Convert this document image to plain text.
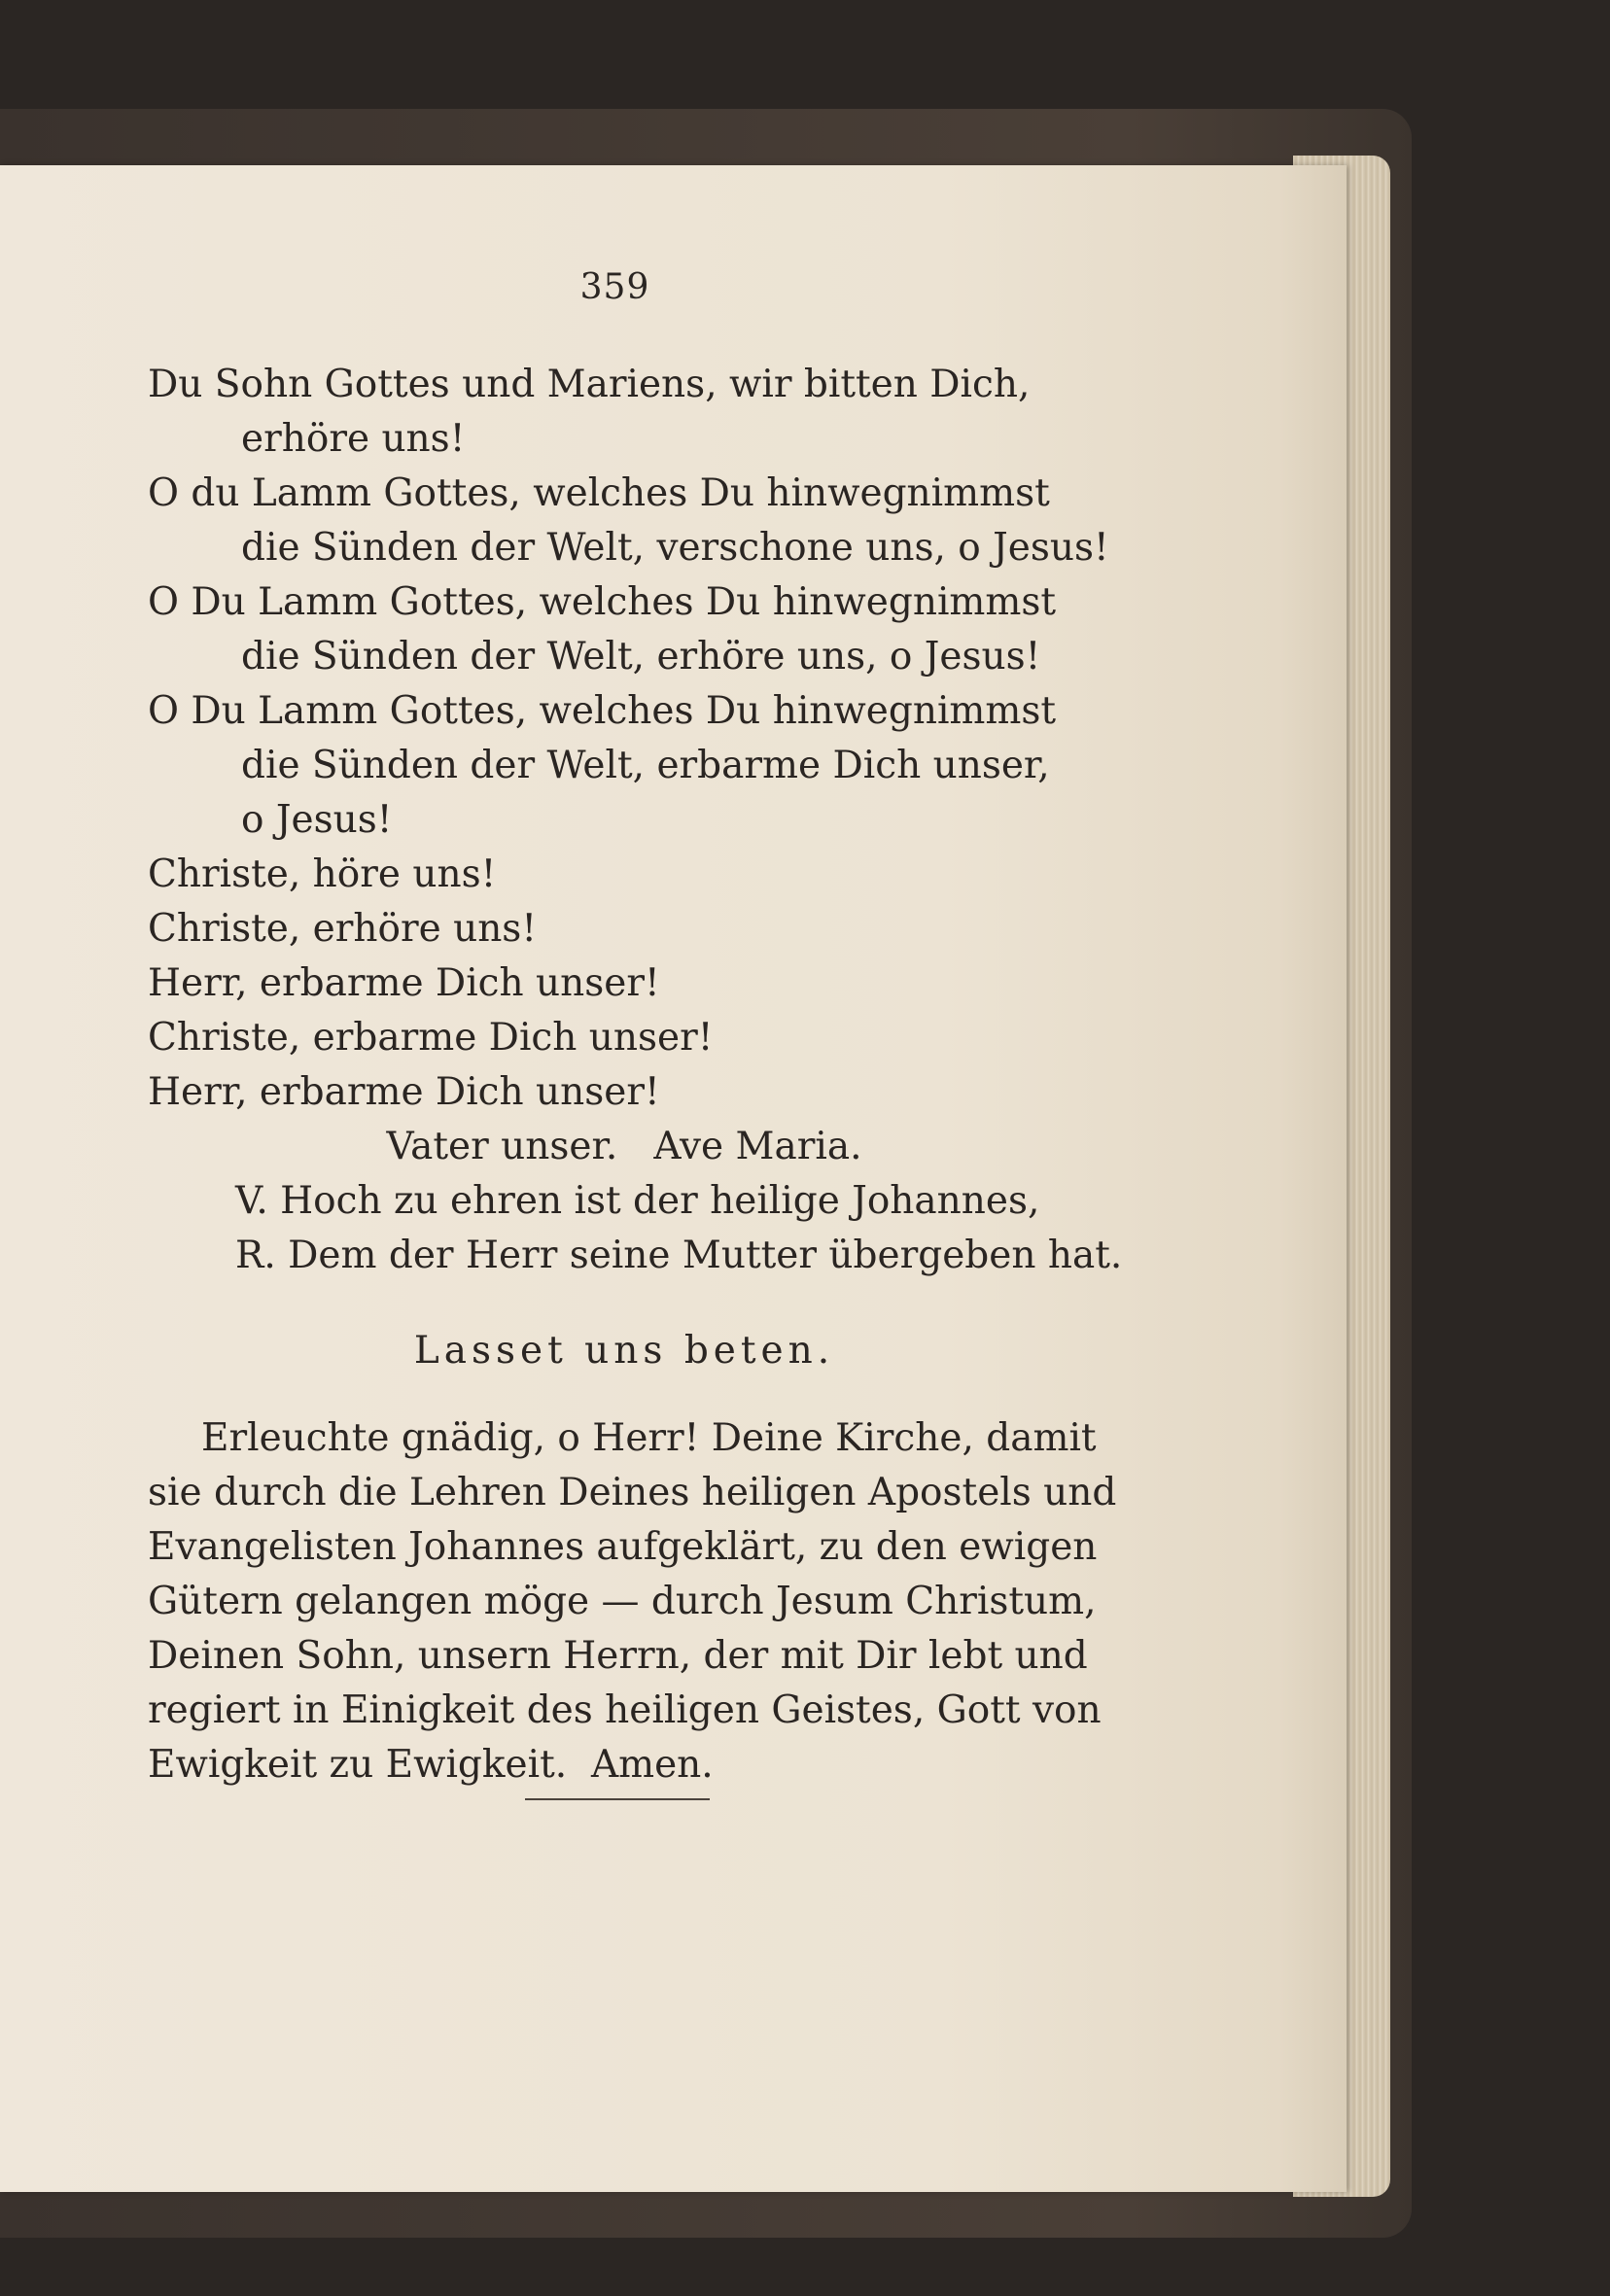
359
Du Sohn Gottes und Mariens, wir bitten Dich,
erhöre uns!
O du Lamm Gottes, welches Du hinwegnimmst
die Sünden der Welt, verschone uns, o Jesus!
O Du Lamm Gottes, welches Du hinwegnimmst
die Sünden der Welt, erhöre uns, o Jesus!
O Du Lamm Gottes, welches Du hinwegnimmst
die Sünden der Welt, erbarme Dich unser,
o Jesus!
Christe, höre uns!
Christe, erhöre uns!
Herr, erbarme Dich unser!
Christe, erbarme Dich unser!
Herr, erbarme Dich unser!
Vater unser.   Ave Maria.
V. Hoch zu ehren ist der heilige Johannes,
R. Dem der Herr seine Mutter übergeben hat.
Lasset uns beten.
Erleuchte gnädig, o Herr! Deine Kirche, damit
sie durch die Lehren Deines heiligen Apostels und
Evangelisten Johannes aufgeklärt, zu den ewigen
Gütern gelangen möge — durch Jesum Christum,
Deinen Sohn, unsern Herrn, der mit Dir lebt und
regiert in Einigkeit des heiligen Geistes, Gott von
Ewigkeit zu Ewigkeit.  Amen.
